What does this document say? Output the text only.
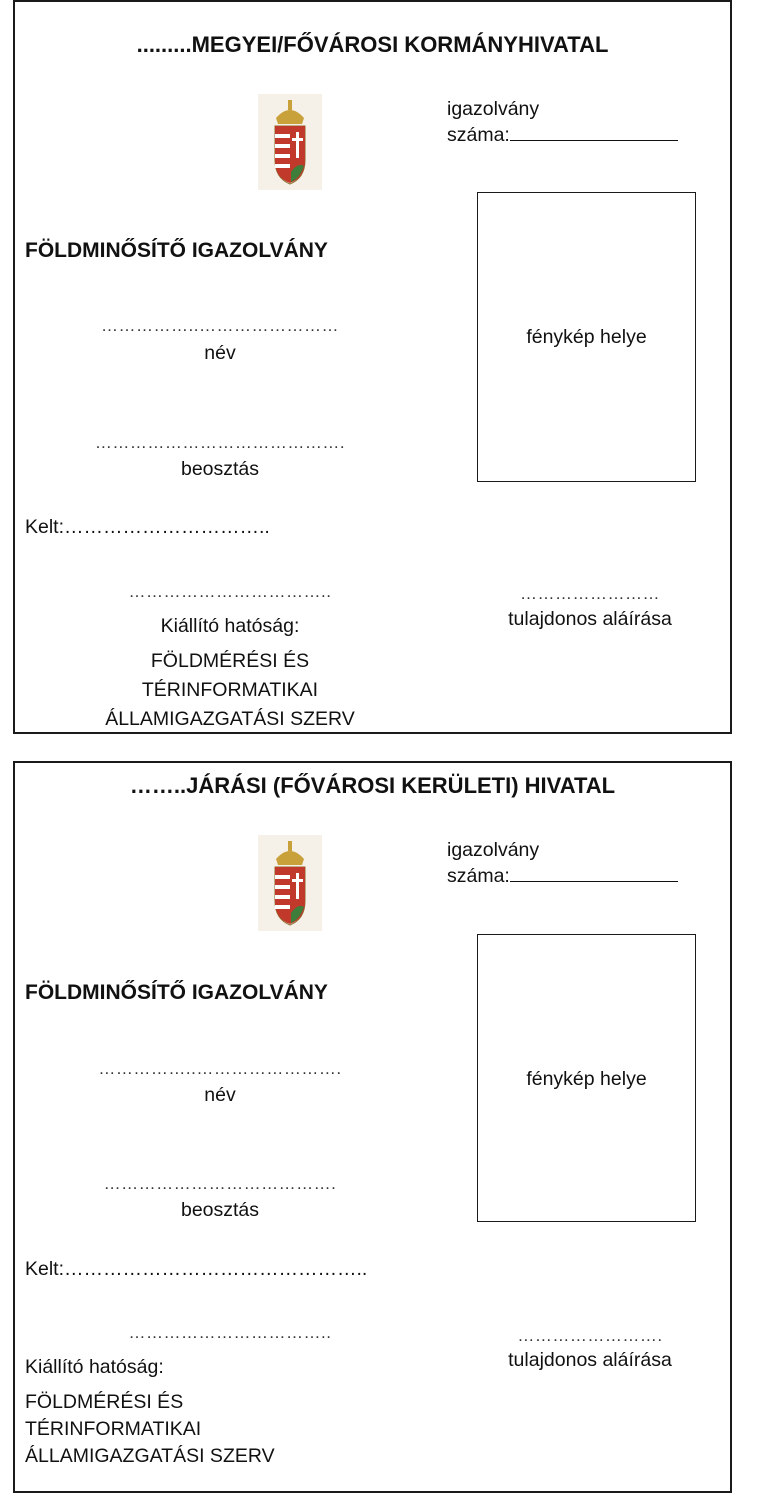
.........MEGYEI/FŐVÁROSI KORMÁNYHIVATAL
igazolvány
száma:
FÖLDMINŐSÍTŐ IGAZOLVÁNY
fénykép helye
……………..……………………
név
…………………………………….
beosztás
Kelt:…………………………..
……………………………..
Kiállító hatóság:
FÖLDMÉRÉSI ÉS
TÉRINFORMATIKAI
ÁLLAMIGAZGATÁSI SZERV
……………………
tulajdonos aláírása
……..JÁRÁSI (FŐVÁROSI KERÜLETI) HIVATAL
igazolvány
száma:
FÖLDMINŐSÍTŐ IGAZOLVÁNY
fénykép helye
……………..…………………….
név
………………………………….
beosztás
Kelt:………………………………………..
……………………………..
Kiállító hatóság:
FÖLDMÉRÉSI ÉS
TÉRINFORMATIKAI
ÁLLAMIGAZGATÁSI SZERV
…………………….
tulajdonos aláírása
